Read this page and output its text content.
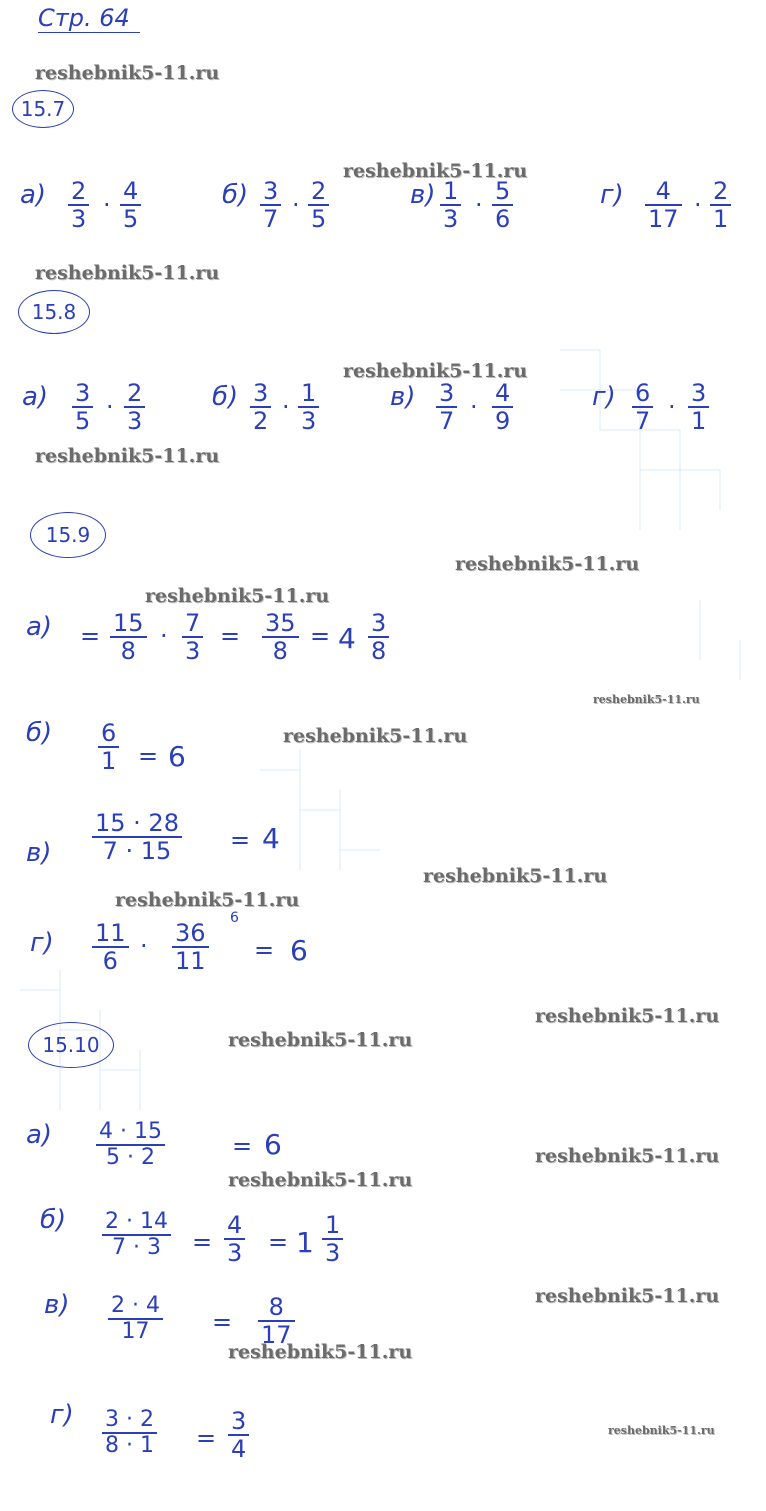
Стр. 64
reshebnik5-11.ru
reshebnik5-11.ru
reshebnik5-11.ru
reshebnik5-11.ru
reshebnik5-11.ru
reshebnik5-11.ru
reshebnik5-11.ru
reshebnik5-11.ru
reshebnik5-11.ru
reshebnik5-11.ru
reshebnik5-11.ru
reshebnik5-11.ru
reshebnik5-11.ru
reshebnik5-11.ru
reshebnik5-11.ru
reshebnik5-11.ru
reshebnik5-11.ru
reshebnik5-11.ru
15.7
а) 2
3
· 4
5
б) 3
7
· 2
5
в) 1
3
· 5
6
г) 4
17
· 2
1
15.8
а) 3
5
· 2
3
б) 3
2
· 1
3
в) 3
7
· 4
9
г) 6
7
· 3
1
15.9
а) = 15
8
· 7
3
= 35
8
= 4 3
8
б) 6
1 = 6
в)
15 · 28
7 · 15 = 4
г) 11
6
· 36
11
6
= 6
15.10
а) 4 · 15
5 · 2	= 6
б) 2 · 14
7 · 3 =
4
3 = 1
1
3
в) 2 · 4
17	=
8
17
г) 3 · 2
8 · 1 =
3
4
